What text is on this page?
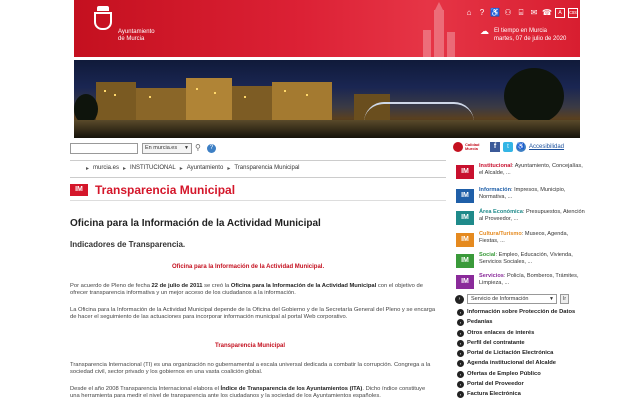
Ayuntamiento
de Murcia
⌂	? ♿ ⚇ ⌸ ✉ ☎	A	css
☁ El tiempo en Murcia
martes, 07 de julio de 2020
En murcia.es ▼ ⚲	?
▸ murcia.es ▸ INSTITUCIONAL ▸ Ayuntamiento ▸ Transparencia Municipal
IM	Transparencia Municipal
Oficina para la Información de la Actividad Municipal
Indicadores de Transparencia.
Oficina para la Información de la Actividad Municipal.
Por acuerdo de Pleno de fecha 22 de julio de 2011 se creó la Oficina para la Información de la Actividad Municipal con el objetivo de ofrecer transparencia informativa y un mejor acceso de los ciudadanos a la información.
La Oficina para la Información de la Actividad Municipal depende de la Oficina del Gobierno y de la Secretaría General del Pleno y se encarga de hacer el seguimiento de las actuaciones para incorporar información municipal al portal Web corporativo.
Transparencia Municipal
Transparencia Internacional (TI) es una organización no gubernamental a escala universal dedicada a combatir la corrupción. Congrega a la sociedad civil, sector privado y los gobiernos en una vasta coalición global.
Desde el año 2008 Transparencia Internacional elabora el Índice de Transparencia de los Ayuntamientos (ITA). Dicho índice constituye una herramienta para medir el nivel de transparencia ante los ciudadanos y la sociedad de los Ayuntamientos españoles.
Calidad
Murcia	f	t	♿ Accesibilidad
IM
Institucional: Ayuntamiento, Concejalías, el Alcalde, ...
IM
Información: Impresos, Municipio, Normativa, ...
IM
Área Económica: Presupuestos, Atención al Proveedor, ...
IM
Cultura/Turismo: Museos, Agenda, Fiestas, ...
IM
Social: Empleo, Educación, Vivienda, Servicios Sociales, ...
IM
Servicios: Policía, Bomberos, Trámites, Limpieza, ...
›	Servicio de Información	▼	Ir
›	Información sobre Protección de Datos
›	Pedanías
›	Otros enlaces de interés
›	Perfil del contratante
›	Portal de Licitación Electrónica
›	Agenda institucional del Alcalde
›	Ofertas de Empleo Público
›	Portal del Proveedor
›	Factura Electrónica
